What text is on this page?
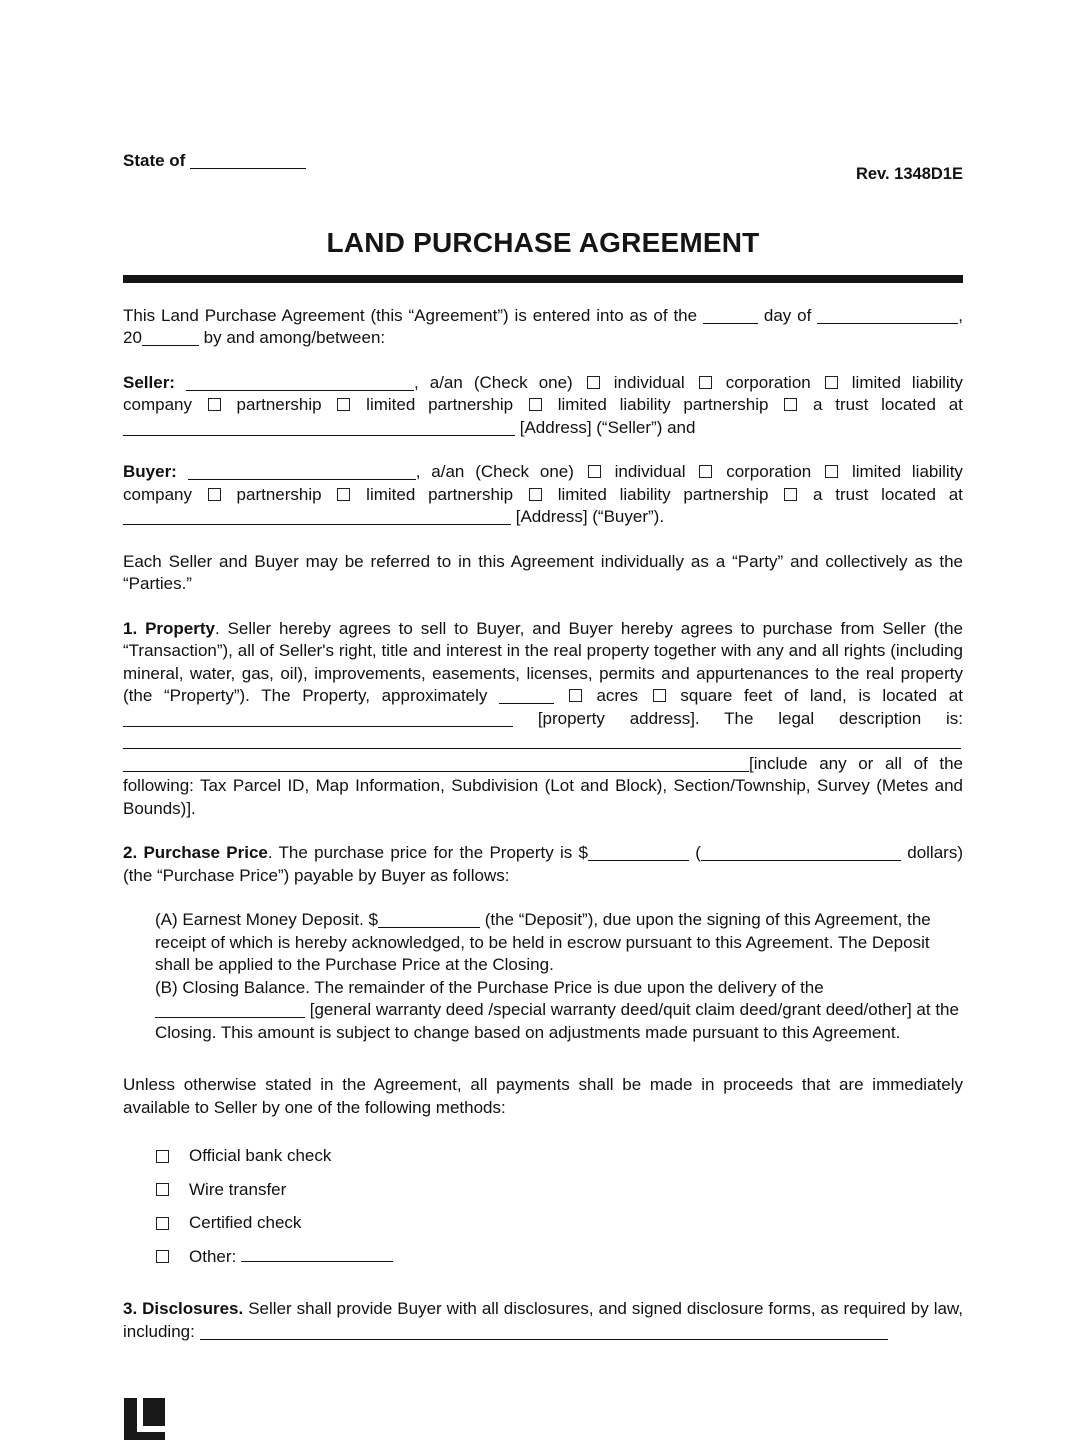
State of
Rev. 1348D1E
LAND PURCHASE AGREEMENT

This Land Purchase Agreement (this “Agreement”) is entered into as of the	day of	, 20	by and among/between:

Seller:	, a/an (Check one) individual corporation limited liability company	partnership	limited partnership	limited liability partnership	a trust located at  [Address] (“Seller”) and

Buyer:	, a/an (Check one) individual corporation limited liability company	partnership	limited partnership	limited liability partnership	a trust located at  [Address] (“Buyer”).

Each Seller and Buyer may be referred to in this Agreement individually as a “Party” and collectively as the “Parties.”

1. Property. Seller hereby agrees to sell to Buyer, and Buyer hereby agrees to purchase from Seller (the “Transaction”), all of Seller's right, title and interest in the real property together with any and all rights (including mineral, water, gas, oil), improvements, easements, licenses, permits and appurtenances to the real property (the “Property”). The Property, approximately	acres square feet of land, is located at  [property address]. The legal description is:  [include any or all of the following: Tax Parcel ID, Map Information, Subdivision (Lot and Block), Section/Township, Survey (Metes and Bounds)].

2. Purchase Price. The purchase price for the Property is $	(	dollars) (the “Purchase Price”) payable by Buyer as follows:

(A) Earnest Money Deposit. $	(the “Deposit”), due upon the signing of this Agreement, the receipt of which is hereby acknowledged, to be held in escrow pursuant to this Agreement. The Deposit shall be applied to the Purchase Price at the Closing.

(B) Closing Balance. The remainder of the Purchase Price is due upon the delivery of the  [general warranty deed /special warranty deed/quit claim deed/grant deed/other] at the Closing. This amount is subject to change based on adjustments made pursuant to this Agreement.

Unless otherwise stated in the Agreement, all payments shall be made in proceeds that are immediately available to Seller by one of the following methods:

Official bank check
Wire transfer
Certified check
Other:

3. Disclosures. Seller shall provide Buyer with all disclosures, and signed disclosure forms, as required by law, including:
